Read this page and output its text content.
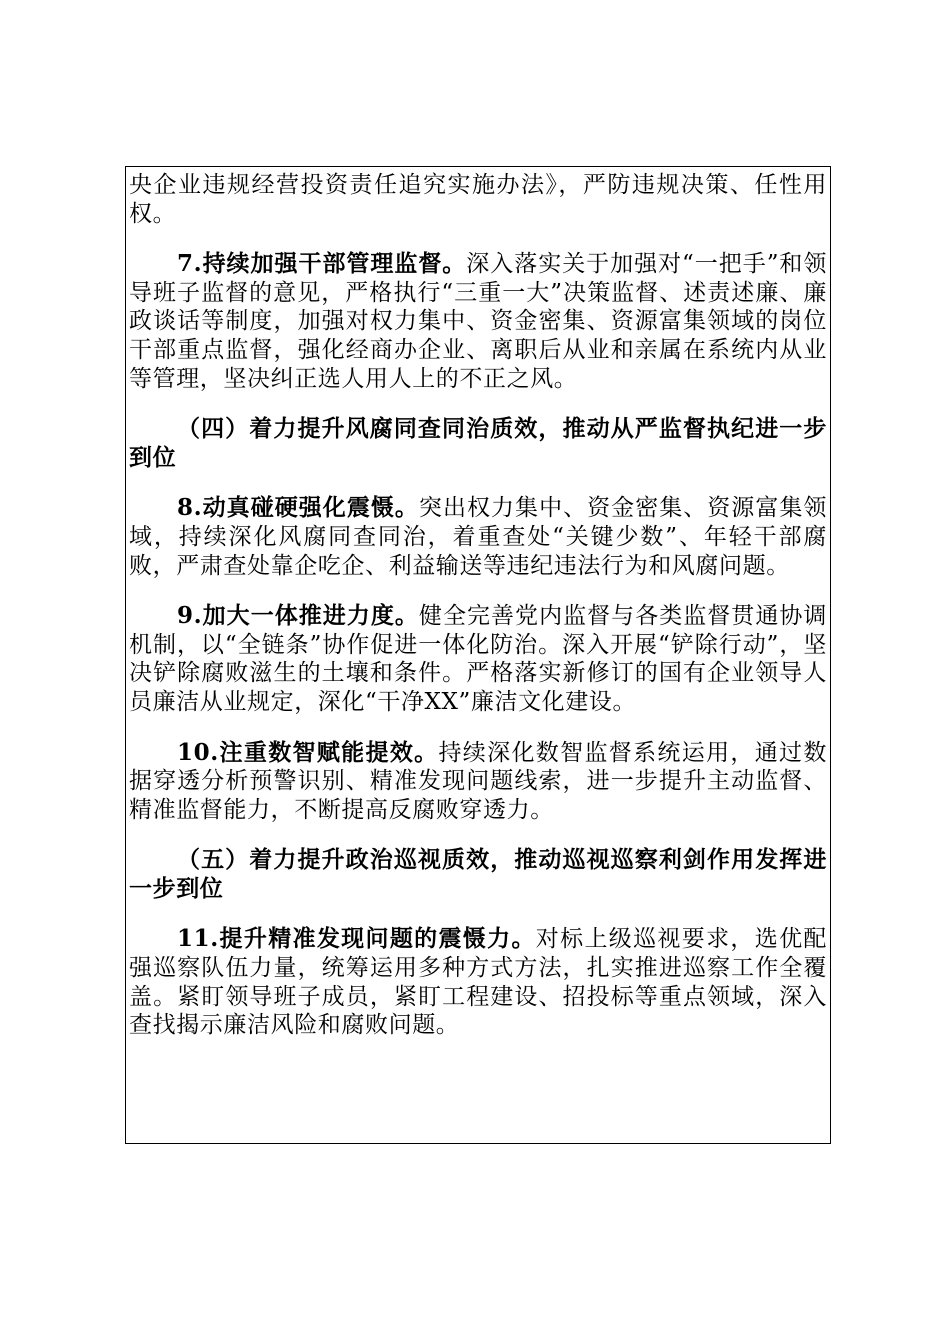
央企业违规经营投资责任追究实施办法》，严防违规决策、任性用权。

7.持续加强干部管理监督。深入落实关于加强对“一把手”和领导班子监督的意见，严格执行“三重一大”决策监督、述责述廉、廉政谈话等制度，加强对权力集中、资金密集、资源富集领域的岗位干部重点监督，强化经商办企业、离职后从业和亲属在系统内从业等管理，坚决纠正选人用人上的不正之风。

（四）着力提升风腐同查同治质效，推动从严监督执纪进一步到位

8.动真碰硬强化震慑。突出权力集中、资金密集、资源富集领域，持续深化风腐同查同治，着重查处“关键少数”、年轻干部腐败，严肃查处靠企吃企、利益输送等违纪违法行为和风腐问题。

9.加大一体推进力度。健全完善党内监督与各类监督贯通协调机制，以“全链条”协作促进一体化防治。深入开展“铲除行动”，坚决铲除腐败滋生的土壤和条件。严格落实新修订的国有企业领导人员廉洁从业规定，深化“干净XX”廉洁文化建设。

10.注重数智赋能提效。持续深化数智监督系统运用，通过数据穿透分析预警识别、精准发现问题线索，进一步提升主动监督、精准监督能力，不断提高反腐败穿透力。

（五）着力提升政治巡视质效，推动巡视巡察利剑作用发挥进一步到位

11.提升精准发现问题的震慑力。对标上级巡视要求，选优配强巡察队伍力量，统筹运用多种方式方法，扎实推进巡察工作全覆盖。紧盯领导班子成员，紧盯工程建设、招投标等重点领域，深入查找揭示廉洁风险和腐败问题。
